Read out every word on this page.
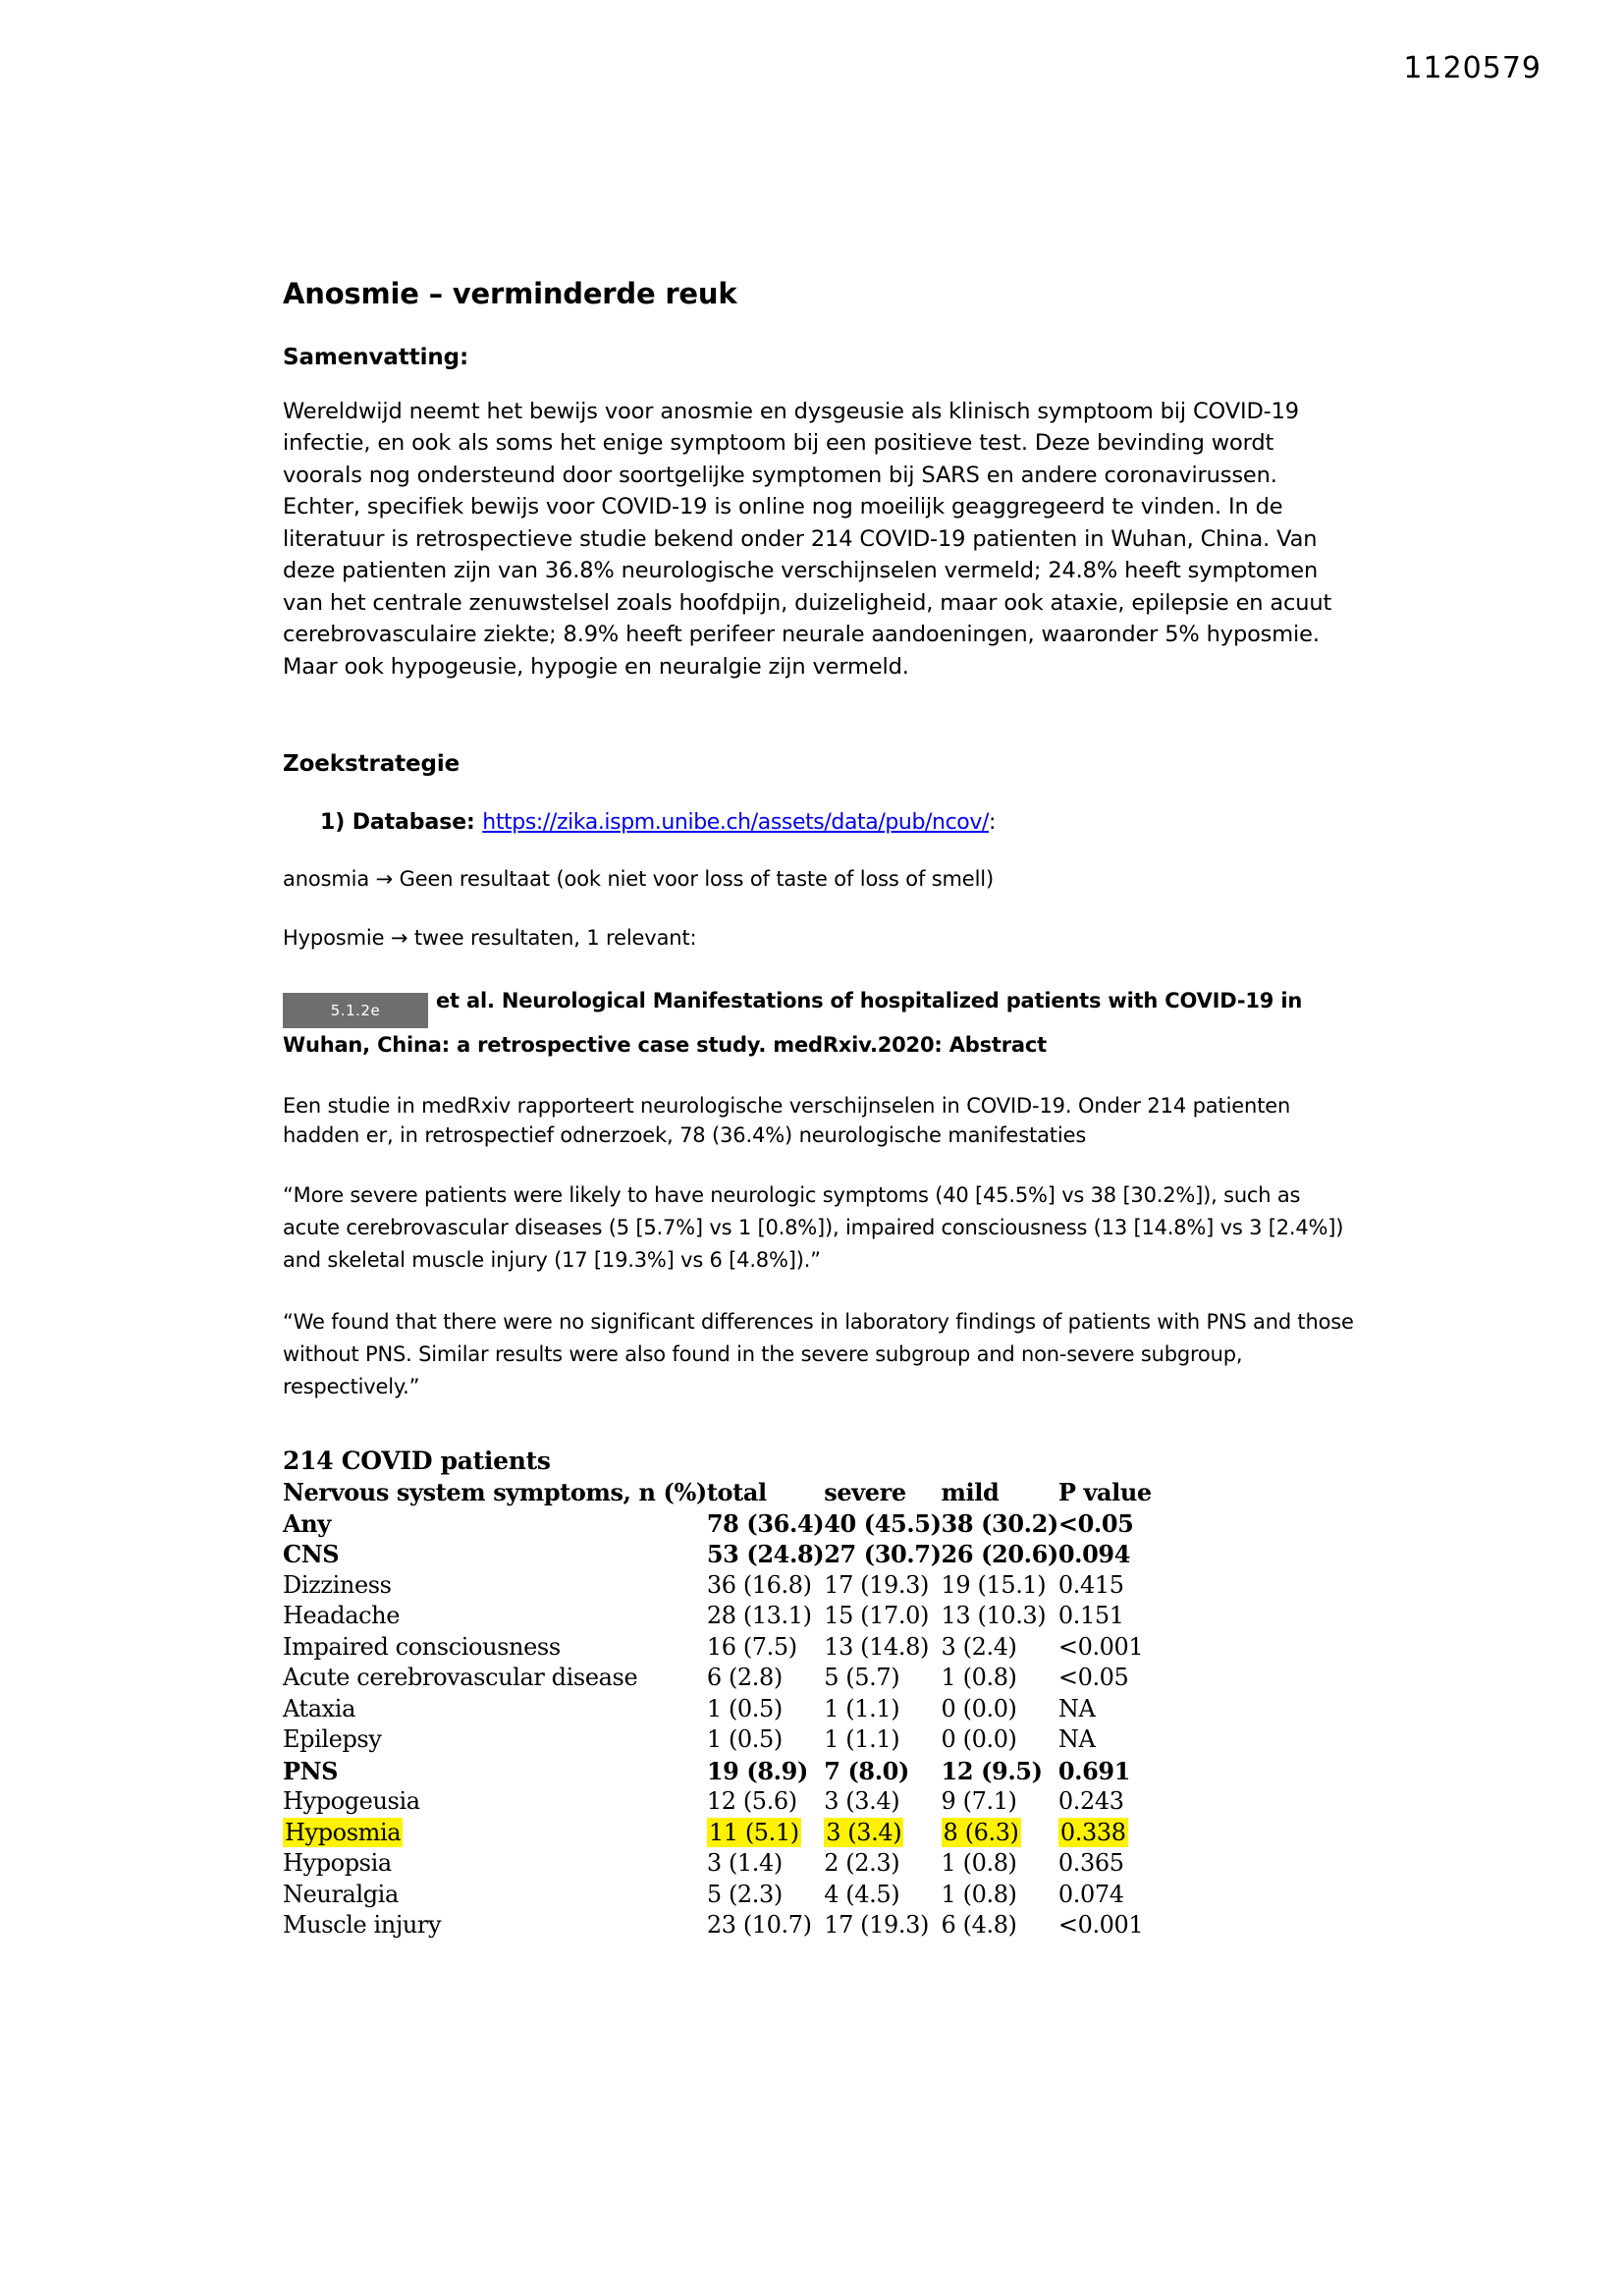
1120579
Anosmie – verminderde reuk
Samenvatting:

Wereldwijd neemt het bewijs voor anosmie en dysgeusie als klinisch symptoom bij COVID-19 infectie, en ook als soms het enige symptoom bij een positieve test. Deze bevinding wordt voorals nog ondersteund door soortgelijke symptomen bij SARS en andere coronavirussen. Echter, specifiek bewijs voor COVID-19 is online nog moeilijk geaggregeerd te vinden. In de literatuur is retrospectieve studie bekend onder 214 COVID-19 patienten in Wuhan, China. Van deze patienten zijn van 36.8% neurologische verschijnselen vermeld; 24.8% heeft symptomen van het centrale zenuwstelsel zoals hoofdpijn, duizeligheid, maar ook ataxie, epilepsie en acuut cerebrovasculaire ziekte; 8.9% heeft perifeer neurale aandoeningen, waaronder 5% hyposmie. Maar ook hypogeusie, hypogie en neuralgie zijn vermeld.

Zoekstrategie

1) Database: https://zika.ispm.unibe.ch/assets/data/pub/ncov/:

anosmia → Geen resultaat (ook niet voor loss of taste of loss of smell)

Hyposmie → twee resultaten, 1 relevant:

5.1.2e	et al. Neurological Manifestations of hospitalized patients with COVID-19 in Wuhan, China: a retrospective case study. medRxiv.2020: Abstract

Een studie in medRxiv rapporteert neurologische verschijnselen in COVID-19. Onder 214 patienten hadden er, in retrospectief odnerzoek, 78 (36.4%) neurologische manifestaties

“More severe patients were likely to have neurologic symptoms (40 [45.5%] vs 38 [30.2%]), such as acute cerebrovascular diseases (5 [5.7%] vs 1 [0.8%]), impaired consciousness (13 [14.8%] vs 3 [2.4%]) and skeletal muscle injury (17 [19.3%] vs 6 [4.8%]).”

“We found that there were no significant differences in laboratory findings of patients with PNS and those without PNS. Similar results were also found in the severe subgroup and non-severe subgroup, respectively.”

214 COVID patients
Nervous system symptoms, n (%)	total	severe	mild	P value
Any	78 (36.4)	40 (45.5)	38 (30.2)	<0.05
CNS	53 (24.8)	27 (30.7)	26 (20.6)	0.094
Dizziness	36 (16.8)	17 (19.3)	19 (15.1)	0.415
Headache	28 (13.1)	15 (17.0)	13 (10.3)	0.151
Impaired consciousness	16 (7.5)	13 (14.8)	3 (2.4)	<0.001
Acute cerebrovascular disease	6 (2.8)	5 (5.7)	1 (0.8)	<0.05
Ataxia	1 (0.5)	1 (1.1)	0 (0.0)	NA
Epilepsy	1 (0.5)	1 (1.1)	0 (0.0)	NA
PNS	19 (8.9)	7 (8.0)	12 (9.5)	0.691
Hypogeusia	12 (5.6)	3 (3.4)	9 (7.1)	0.243
Hyposmia	11 (5.1)	3 (3.4)	8 (6.3)	0.338
Hypopsia	3 (1.4)	2 (2.3)	1 (0.8)	0.365
Neuralgia	5 (2.3)	4 (4.5)	1 (0.8)	0.074
Muscle injury	23 (10.7)	17 (19.3)	6 (4.8)	<0.001
